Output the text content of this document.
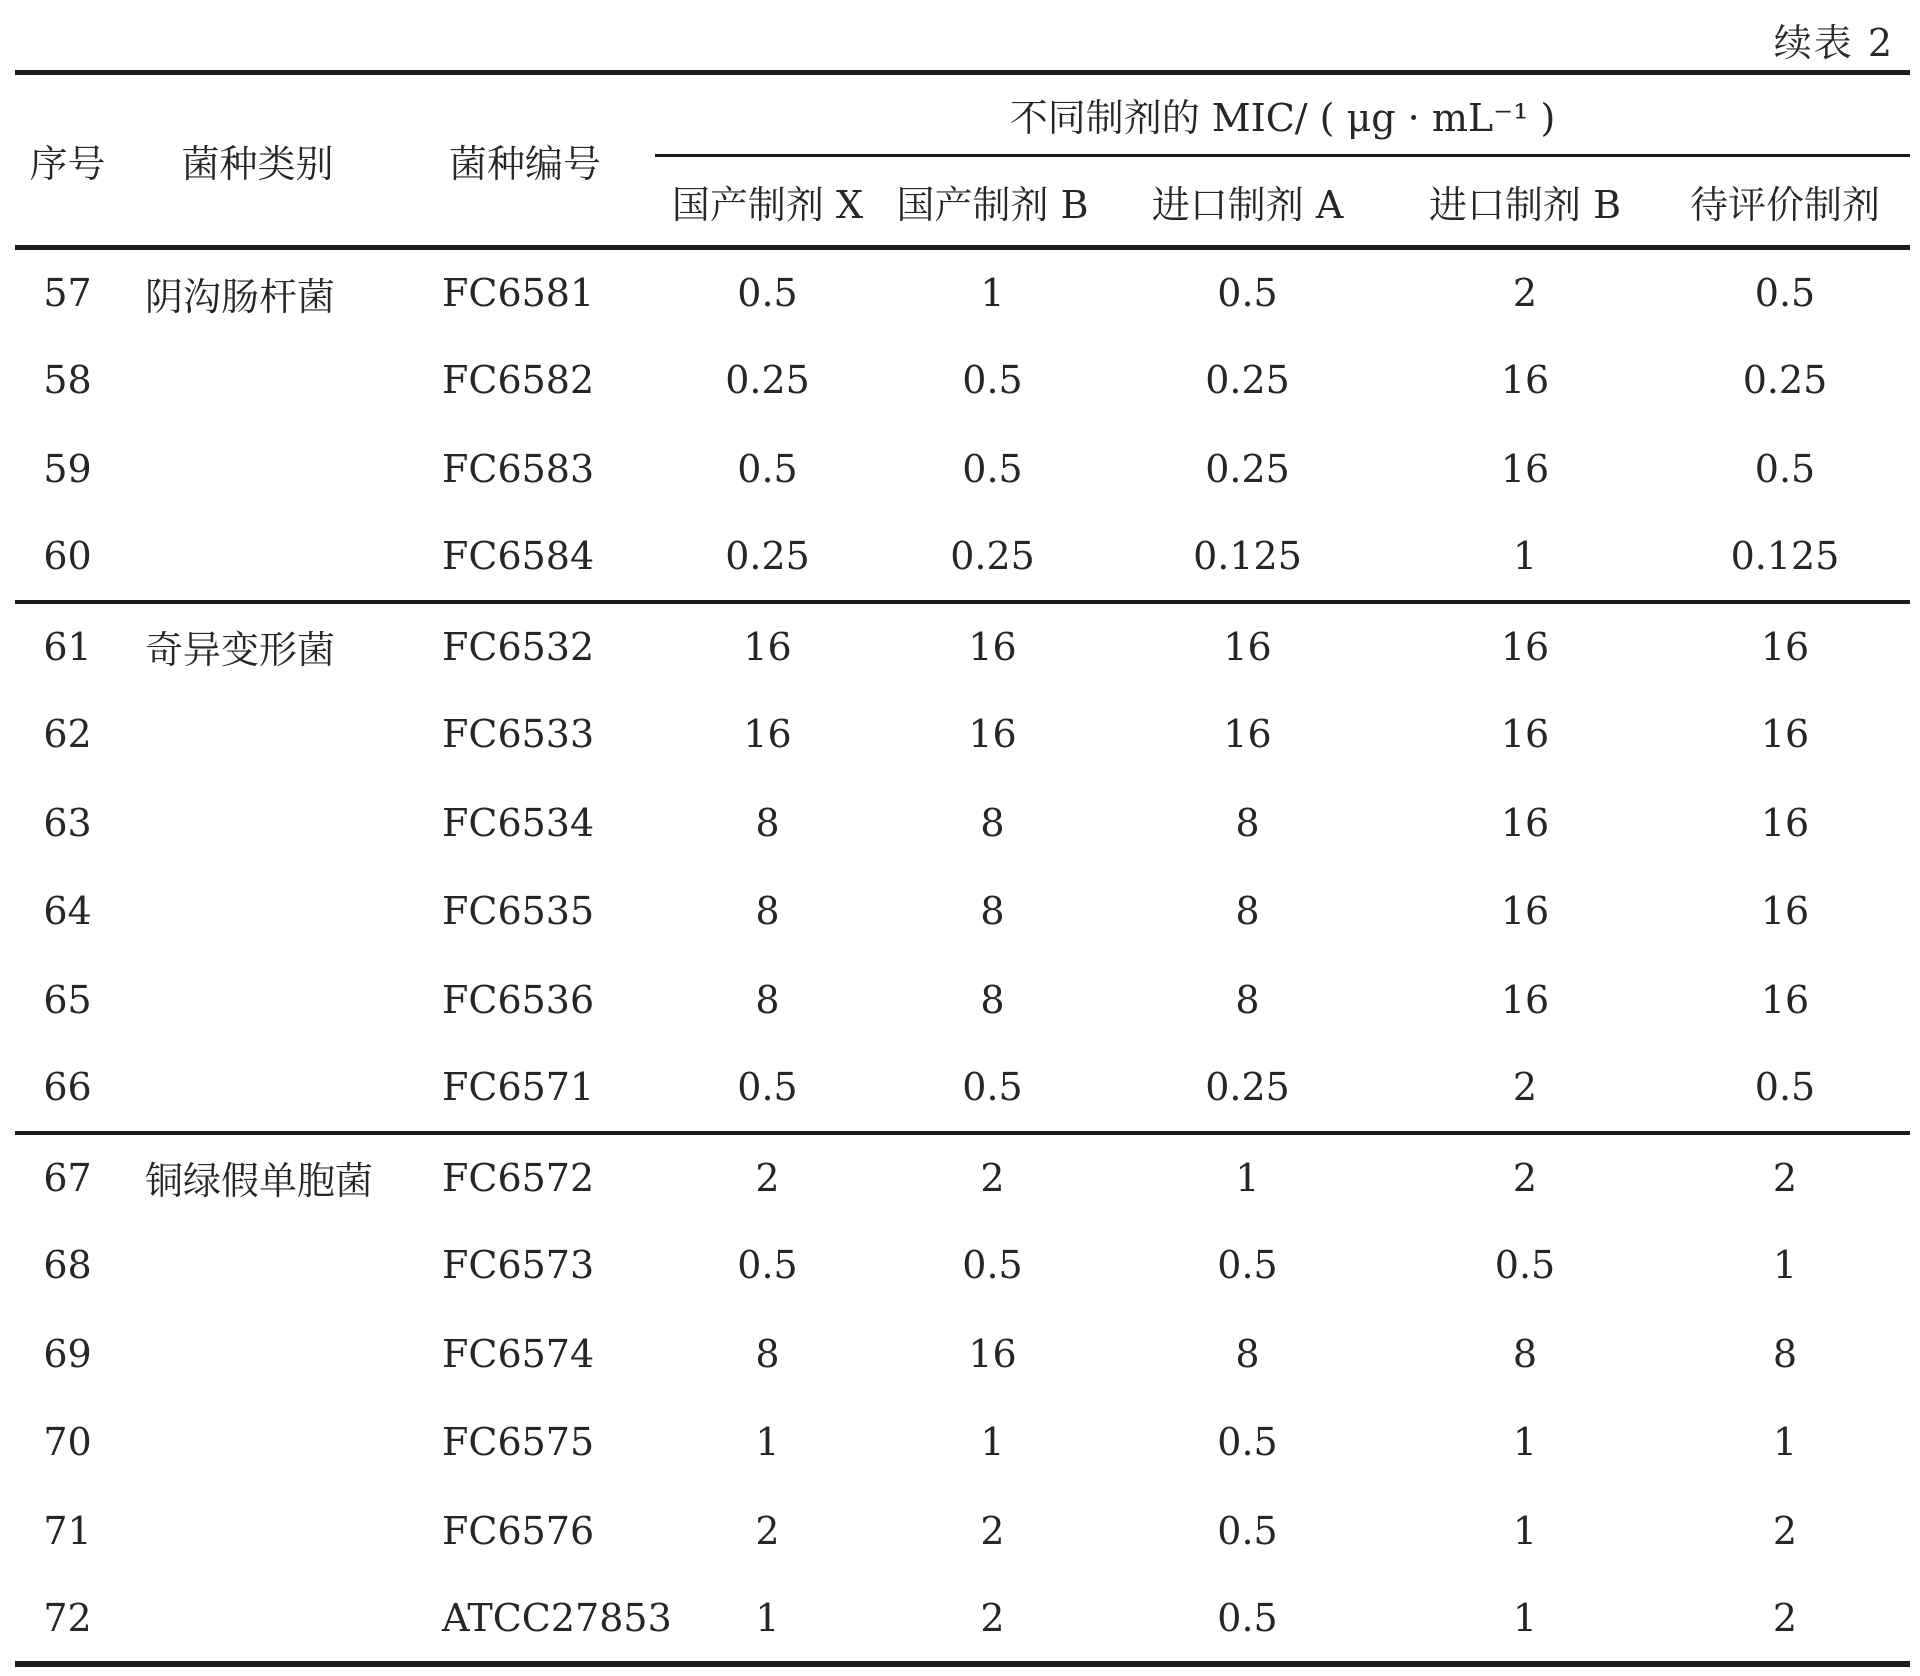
续表 2
序号	菌种类别	菌种编号	不同制剂的 MIC/ ( μg · mL⁻¹ )				
			国产制剂 X	国产制剂 B	进口制剂 A	进口制剂 B	待评价制剂
57	阴沟肠杆菌	FC6581	0.5	1	0.5	2	0.5
58		FC6582	0.25	0.5	0.25	16	0.25
59		FC6583	0.5	0.5	0.25	16	0.5
60		FC6584	0.25	0.25	0.125	1	0.125
61	奇异变形菌	FC6532	16	16	16	16	16
62		FC6533	16	16	16	16	16
63		FC6534	8	8	8	16	16
64		FC6535	8	8	8	16	16
65		FC6536	8	8	8	16	16
66		FC6571	0.5	0.5	0.25	2	0.5
67	铜绿假单胞菌	FC6572	2	2	1	2	2
68		FC6573	0.5	0.5	0.5	0.5	1
69		FC6574	8	16	8	8	8
70		FC6575	1	1	0.5	1	1
71		FC6576	2	2	0.5	1	2
72		ATCC27853	1	2	0.5	1	2
